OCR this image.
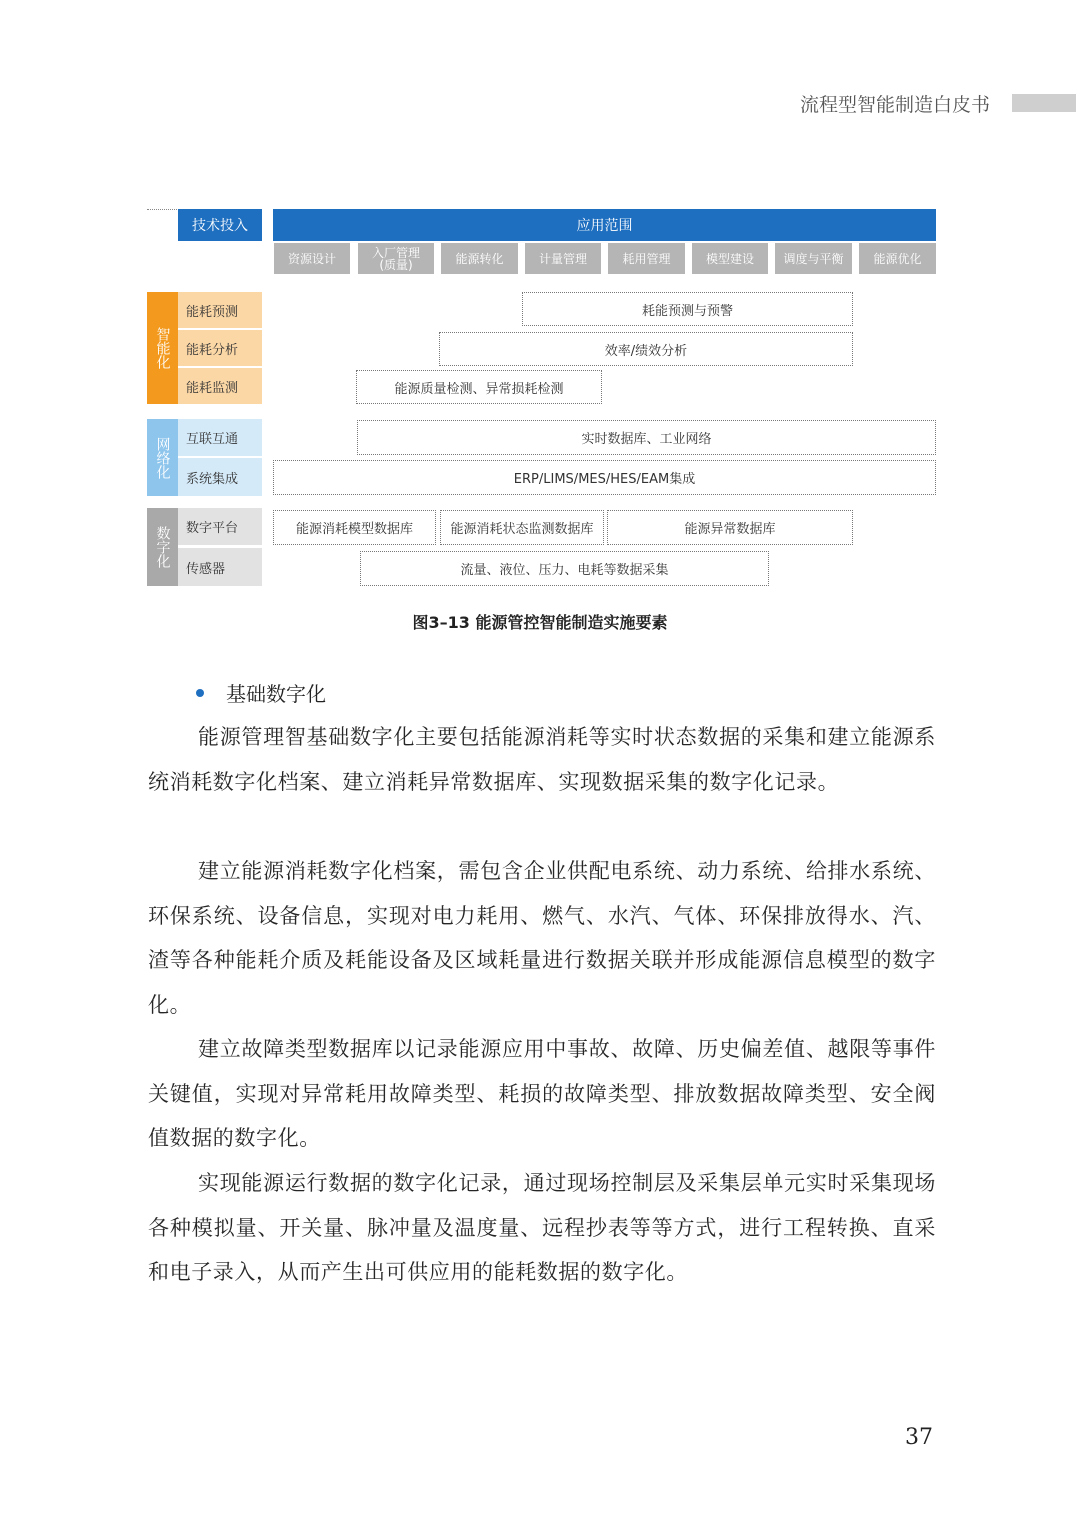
流程型智能制造白皮书
技术投入	应用范围
资源设计	入厂管理(质量)	能源转化	计量管理	耗用管理	模型建设	调度与平衡	能源优化
智能化
能耗预测
能耗分析
能耗监测
网络化	互联互通
系统集成
数字化	数字平台
传感器
耗能预测与预警
效率/绩效分析
能源质量检测、异常损耗检测
实时数据库、工业网络
ERP/LIMS/MES/HES/EAM集成
能源消耗模型数据库	能源消耗状态监测数据库	能源异常数据库
流量、液位、压力、电耗等数据采集
图3–13 能源管控智能制造实施要素
基础数字化

能源管理智基础数字化主要包括能源消耗等实时状态数据的采集和建立能源系统消耗数字化档案、建立消耗异常数据库、实现数据采集的数字化记录。

建立能源消耗数字化档案，需包含企业供配电系统、动力系统、给排水系统、环保系统、设备信息，实现对电力耗用、燃气、水汽、气体、环保排放得水、汽、渣等各种能耗介质及耗能设备及区域耗量进行数据关联并形成能源信息模型的数字化。

建立故障类型数据库以记录能源应用中事故、故障、历史偏差值、越限等事件关键值，实现对异常耗用故障类型、耗损的故障类型、排放数据故障类型、安全阀值数据的数字化。

实现能源运行数据的数字化记录，通过现场控制层及采集层单元实时采集现场各种模拟量、开关量、脉冲量及温度量、远程抄表等等方式，进行工程转换、直采和电子录入，从而产生出可供应用的能耗数据的数字化。

37
